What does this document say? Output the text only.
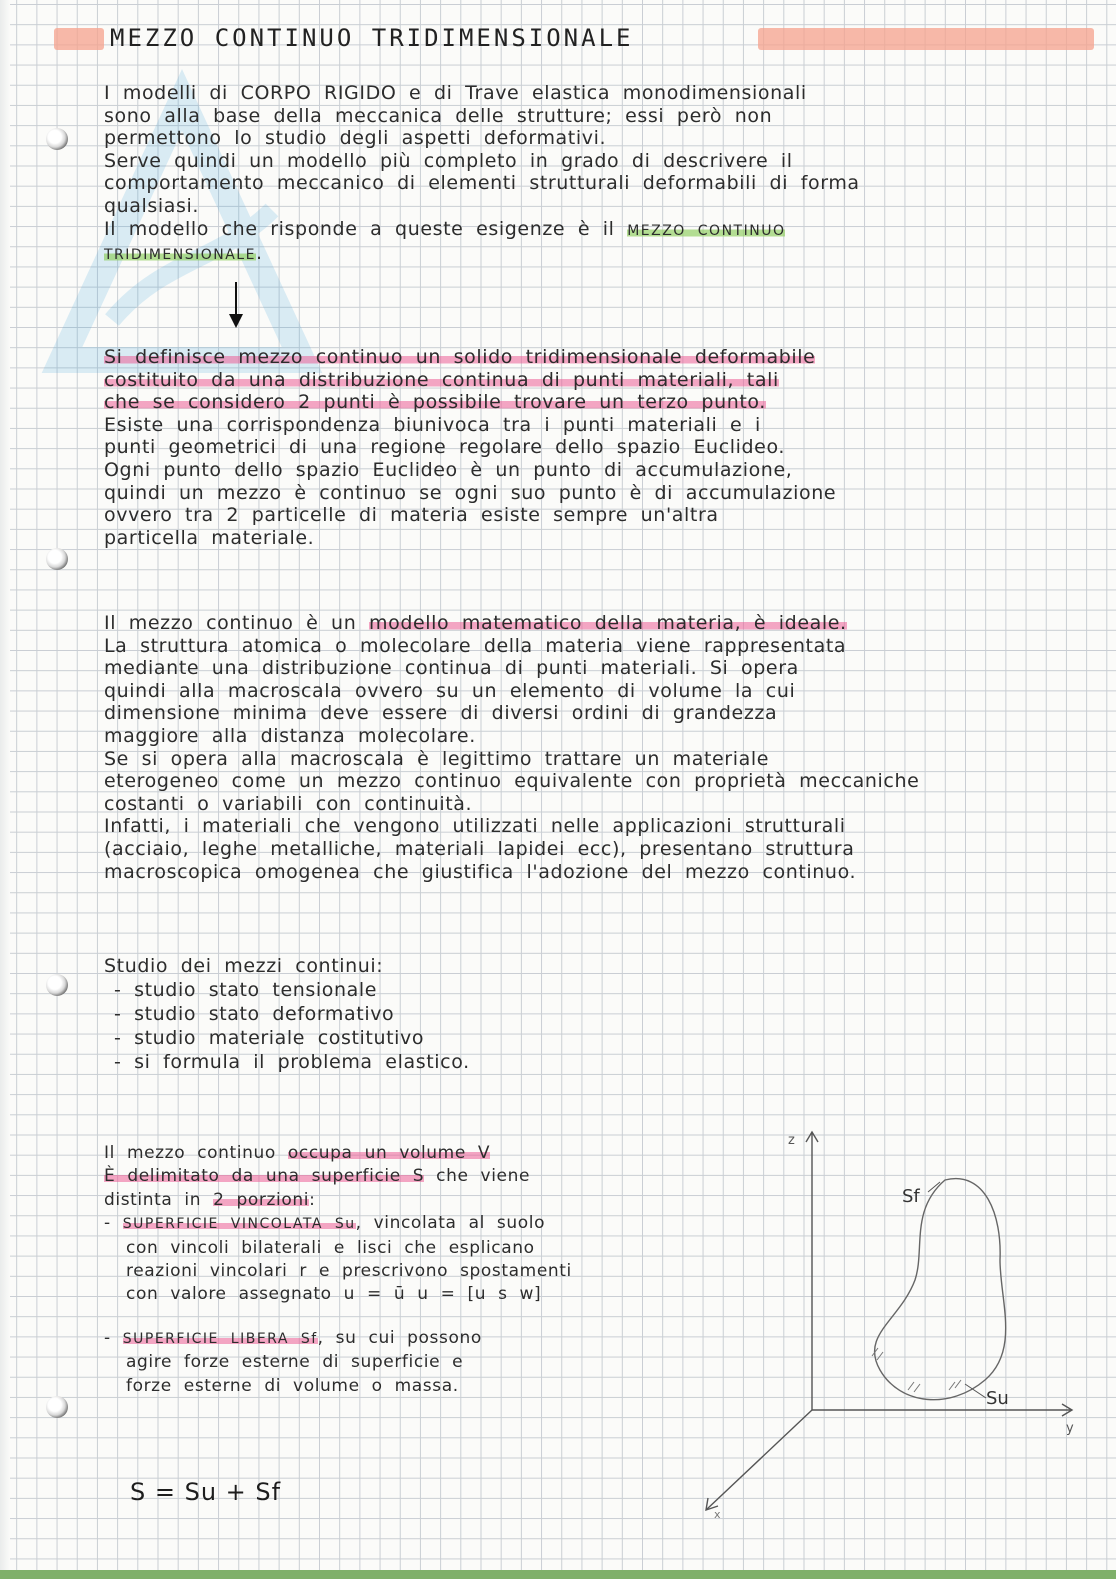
MEZZO CONTINUO TRIDIMENSIONALE
I modelli di CORPO RIGIDO e di Trave elastica monodimensionali
sono alla base della meccanica delle strutture; essi però non
permettono lo studio degli aspetti deformativi.
Serve quindi un modello più completo in grado di descrivere il
comportamento meccanico di elementi strutturali deformabili di forma
qualsiasi.
Il modello che risponde a queste esigenze è il MEZZO CONTINUO
TRIDIMENSIONALE.
Si definisce mezzo continuo un solido tridimensionale deformabile
costituito da una distribuzione continua di punti materiali, tali
che se considero 2 punti è possibile trovare un terzo punto.
Esiste una corrispondenza biunivoca tra i punti materiali e i
punti geometrici di una regione regolare dello spazio Euclideo.
Ogni punto dello spazio Euclideo è un punto di accumulazione,
quindi un mezzo è continuo se ogni suo punto è di accumulazione
ovvero tra 2 particelle di materia esiste sempre un'altra
particella materiale.
Il mezzo continuo è un modello matematico della materia, è ideale.
La struttura atomica o molecolare della materia viene rappresentata
mediante una distribuzione continua di punti materiali. Si opera
quindi alla macroscala ovvero su un elemento di volume la cui
dimensione minima deve essere di diversi ordini di grandezza
maggiore alla distanza molecolare.
Se si opera alla macroscala è legittimo trattare un materiale
eterogeneo come un mezzo continuo equivalente con proprietà meccaniche
costanti o variabili con continuità.
Infatti, i materiali che vengono utilizzati nelle applicazioni strutturali
(acciaio, leghe metalliche, materiali lapidei ecc), presentano struttura
macroscopica omogenea che giustifica l'adozione del mezzo continuo.
Studio dei mezzi continui:
- studio stato tensionale
- studio stato deformativo
- studio materiale costitutivo
- si formula il problema elastico.
Il mezzo continuo occupa un volume V
È delimitato da una superficie S che viene
distinta in 2 porzioni:
- SUPERFICIE VINCOLATA Su, vincolata al suolo
con vincoli bilaterali e lisci che esplicano
reazioni vincolari r e prescrivono spostamenti
con valore assegnato u = ū u = [u s w]
- SUPERFICIE LIBERA Sf, su cui possono
agire forze esterne di superficie e
forze esterne di volume o massa.
S = Su + Sf
z
y
x
Sf
Su
